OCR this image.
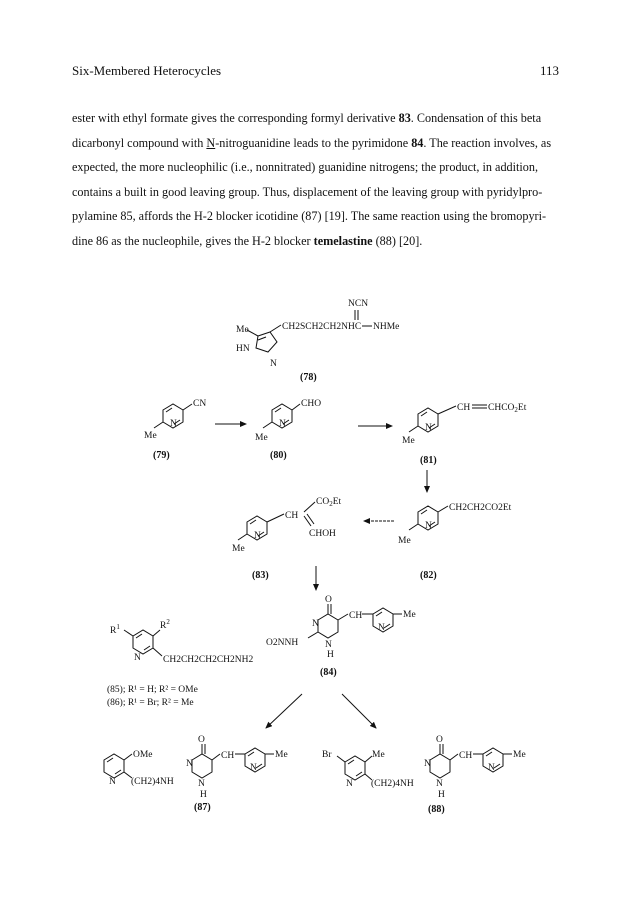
Six-Membered Heterocycles	113

ester with ethyl formate gives the corresponding formyl derivative 83. Condensation of this beta

dicarbonyl compound with N-nitroguanidine leads to the pyrimidone 84. The reaction involves, as

expected, the more nucleophilic (i.e., nonnitrated) guanidine nitrogens; the product, in addition,

contains a built in good leaving group. Thus, displacement of the leaving group with pyridylpro-

pylamine 85, affords the H-2 blocker icotidine (87) [19]. The same reaction using the bromopyri-

dine 86 as the nucleophile, gives the H-2 blocker temelastine (88) [20].

Me
HN
N
CH2SCH2CH2NHC
NCN
NHMe
(78)
CN
N
Me
(79)
CHO
N
Me
(80)
N
Me
CH $CHCO_2Et$
(81)
N
Me
CH2CH2CO2Et
(82)
N
Me
CH
$CO_2Et$
CHOH
(83)
$R^1$	$R^2$
N CH2CH2CH2CH2NH2
(85); R¹ = H; R² = OMe
(86); R¹ = Br; R² = Me
O
N
N
H
O2NNH
CH
N
Me
(84)
OMe
N (CH2)4NH
O
N
N
H
CH
N
Me
(87)
Br	Me
N (CH2)4NH
O
N
N
H
CH
N
Me
(88)
